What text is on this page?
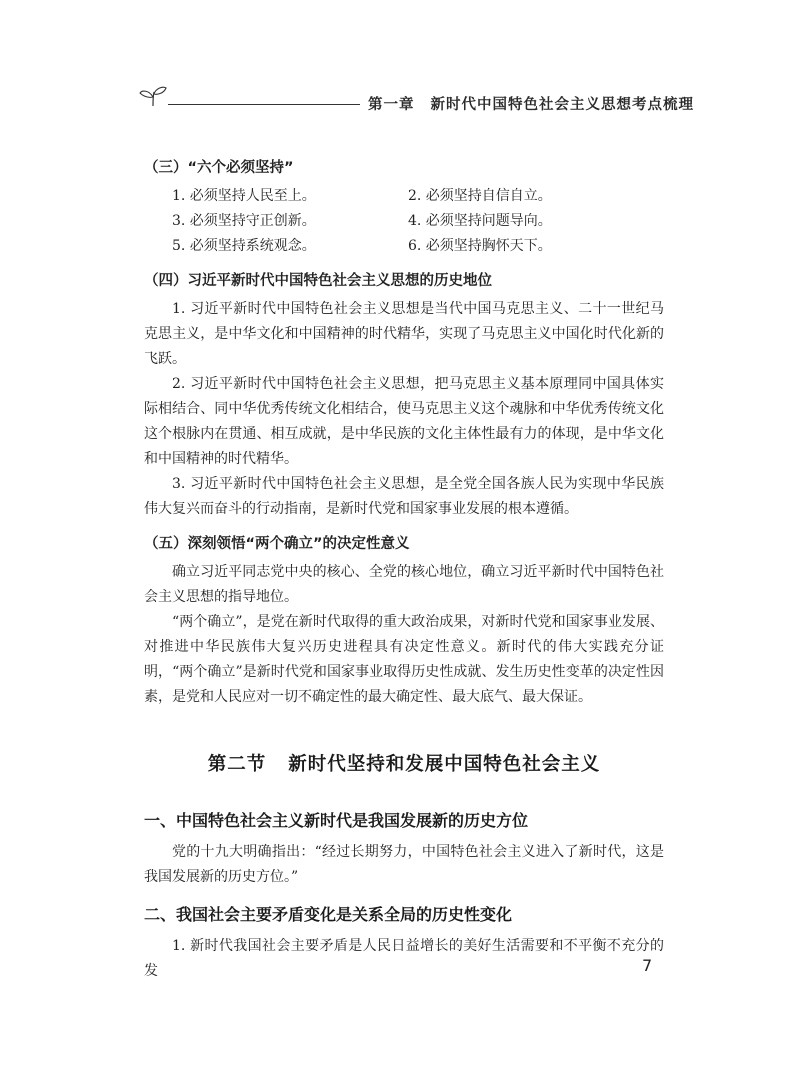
第一章 新时代中国特色社会主义思想考点梳理
（三）“六个必须坚持”
1. 必须坚持人民至上。	2. 必须坚持自信自立。
3. 必须坚持守正创新。	4. 必须坚持问题导向。
5. 必须坚持系统观念。	6. 必须坚持胸怀天下。
（四）习近平新时代中国特色社会主义思想的历史地位

1. 习近平新时代中国特色社会主义思想是当代中国马克思主义、二十一世纪马克思主义，是中华文化和中国精神的时代精华，实现了马克思主义中国化时代化新的飞跃。

2. 习近平新时代中国特色社会主义思想，把马克思主义基本原理同中国具体实际相结合、同中华优秀传统文化相结合，使马克思主义这个魂脉和中华优秀传统文化这个根脉内在贯通、相互成就，是中华民族的文化主体性最有力的体现，是中华文化和中国精神的时代精华。

3. 习近平新时代中国特色社会主义思想，是全党全国各族人民为实现中华民族伟大复兴而奋斗的行动指南，是新时代党和国家事业发展的根本遵循。

（五）深刻领悟“两个确立”的决定性意义

确立习近平同志党中央的核心、全党的核心地位，确立习近平新时代中国特色社会主义思想的指导地位。

“两个确立”，是党在新时代取得的重大政治成果，对新时代党和国家事业发展、对推进中华民族伟大复兴历史进程具有决定性意义。新时代的伟大实践充分证明，“两个确立”是新时代党和国家事业取得历史性成就、发生历史性变革的决定性因素，是党和人民应对一切不确定性的最大确定性、最大底气、最大保证。

第二节 新时代坚持和发展中国特色社会主义
一、中国特色社会主义新时代是我国发展新的历史方位

党的十九大明确指出：“经过长期努力，中国特色社会主义进入了新时代，这是我国发展新的历史方位。”

二、我国社会主要矛盾变化是关系全局的历史性变化

1. 新时代我国社会主要矛盾是人民日益增长的美好生活需要和不平衡不充分的发	7
